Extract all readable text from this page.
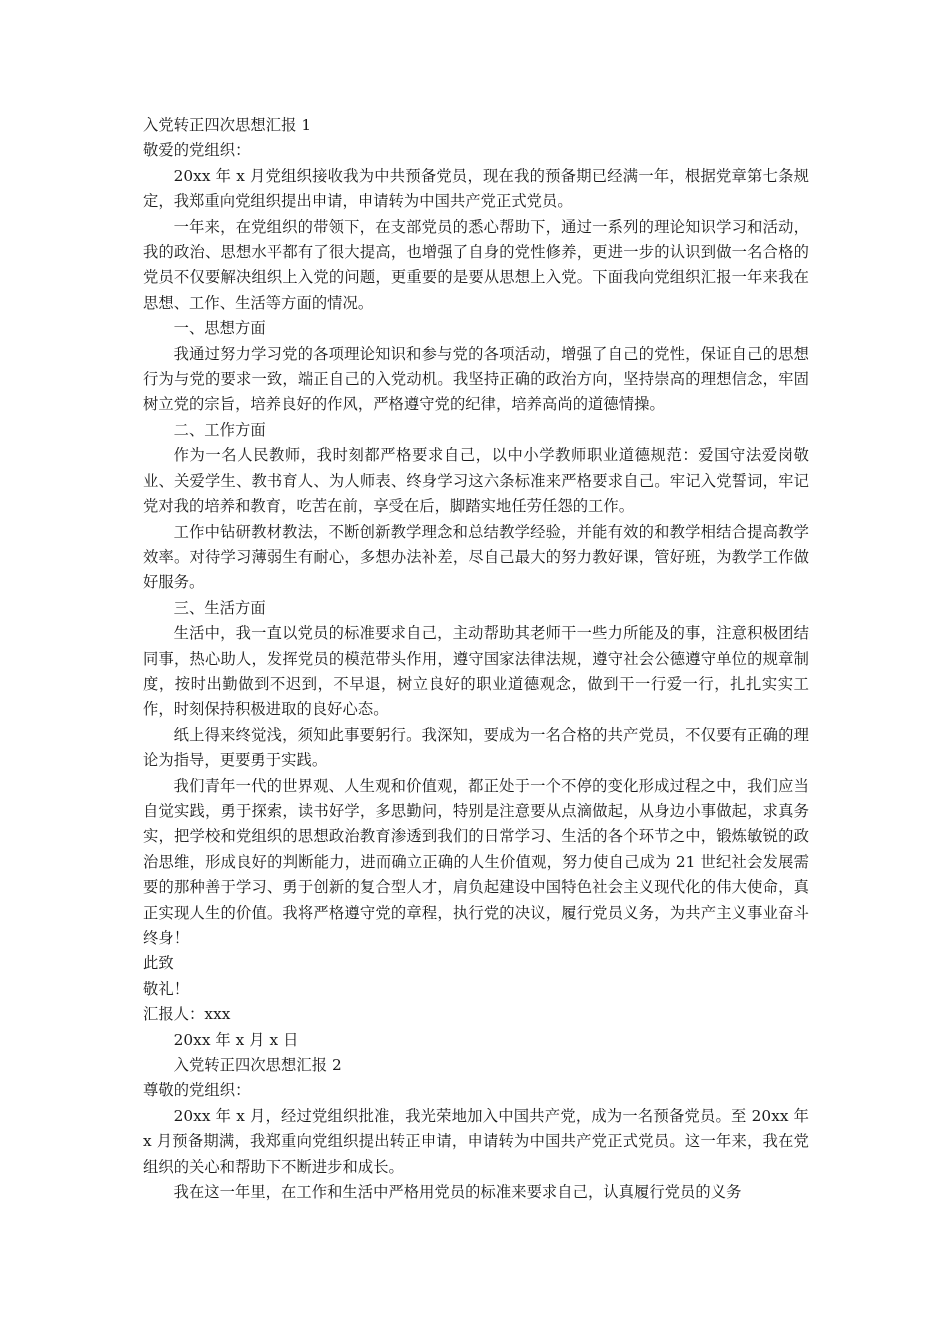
入党转正四次思想汇报 1

敬爱的党组织：

20xx 年 x 月党组织接收我为中共预备党员，现在我的预备期已经满一年，根据党章第七条规定，我郑重向党组织提出申请，申请转为中国共产党正式党员。

一年来，在党组织的带领下，在支部党员的悉心帮助下，通过一系列的理论知识学习和活动，我的政治、思想水平都有了很大提高，也增强了自身的党性修养，更进一步的认识到做一名合格的党员不仅要解决组织上入党的问题，更重要的是要从思想上入党。下面我向党组织汇报一年来我在思想、工作、生活等方面的情况。

一、思想方面

我通过努力学习党的各项理论知识和参与党的各项活动，增强了自己的党性，保证自己的思想行为与党的要求一致，端正自己的入党动机。我坚持正确的政治方向，坚持崇高的理想信念，牢固树立党的宗旨，培养良好的作风，严格遵守党的纪律，培养高尚的道德情操。

二、工作方面

作为一名人民教师，我时刻都严格要求自己，以中小学教师职业道德规范：爱国守法爱岗敬业、关爱学生、教书育人、为人师表、终身学习这六条标准来严格要求自己。牢记入党誓词，牢记党对我的培养和教育，吃苦在前，享受在后，脚踏实地任劳任怨的工作。

工作中钻研教材教法，不断创新教学理念和总结教学经验，并能有效的和教学相结合提高教学效率。对待学习薄弱生有耐心，多想办法补差，尽自己最大的努力教好课，管好班，为教学工作做好服务。

三、生活方面

生活中，我一直以党员的标准要求自己，主动帮助其老师干一些力所能及的事，注意积极团结同事，热心助人，发挥党员的模范带头作用，遵守国家法律法规，遵守社会公德遵守单位的规章制度，按时出勤做到不迟到，不早退，树立良好的职业道德观念，做到干一行爱一行，扎扎实实工作，时刻保持积极进取的良好心态。

纸上得来终觉浅，须知此事要躬行。我深知，要成为一名合格的共产党员，不仅要有正确的理论为指导，更要勇于实践。

我们青年一代的世界观、人生观和价值观，都正处于一个不停的变化形成过程之中，我们应当自觉实践，勇于探索，读书好学，多思勤问，特别是注意要从点滴做起，从身边小事做起，求真务实，把学校和党组织的思想政治教育渗透到我们的日常学习、生活的各个环节之中，锻炼敏锐的政治思维，形成良好的判断能力，进而确立正确的人生价值观，努力使自己成为 21 世纪社会发展需要的那种善于学习、勇于创新的复合型人才，肩负起建设中国特色社会主义现代化的伟大使命，真正实现人生的价值。我将严格遵守党的章程，执行党的决议，履行党员义务，为共产主义事业奋斗终身！

此致

敬礼！

汇报人：xxx

20xx 年 x 月 x 日

入党转正四次思想汇报 2

尊敬的党组织：

20xx 年 x 月，经过党组织批准，我光荣地加入中国共产党，成为一名预备党员。至 20xx 年 x 月预备期满，我郑重向党组织提出转正申请，申请转为中国共产党正式党员。这一年来，我在党组织的关心和帮助下不断进步和成长。

我在这一年里，在工作和生活中严格用党员的标准来要求自己，认真履行党员的义务
